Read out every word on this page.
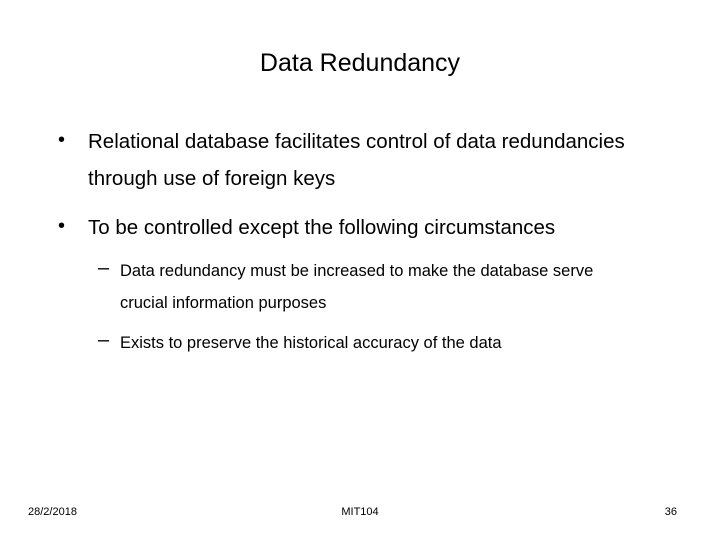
Data Redundancy
• Relational database facilitates control of data redundancies through use of foreign keys
• To be controlled except the following circumstances
– Data redundancy must be increased to make the database serve crucial information purposes
– Exists to preserve the historical accuracy of the data
28/2/2018	MIT104	36
